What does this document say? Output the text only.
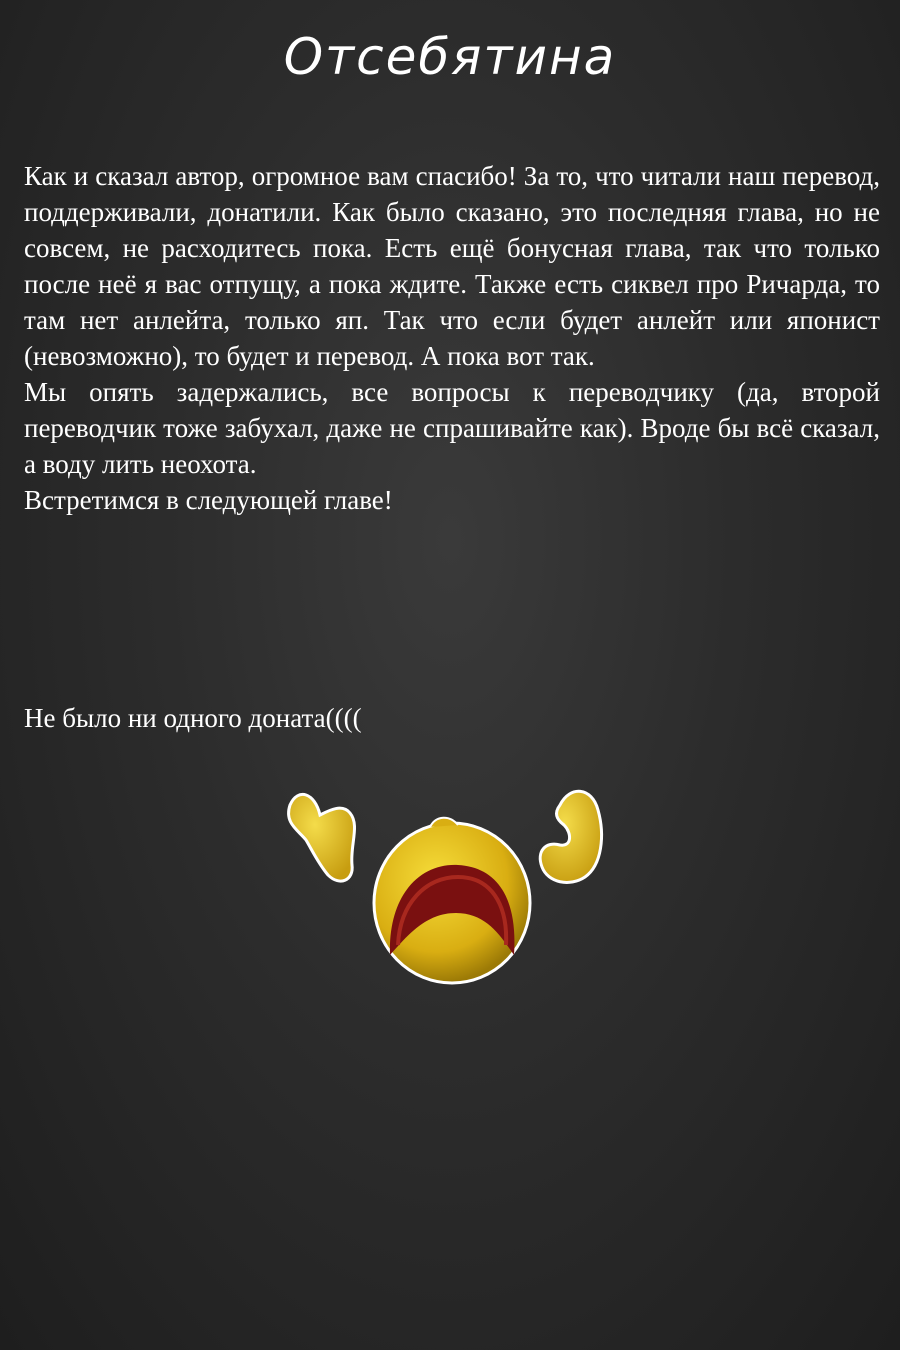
Отсебятина

Как и сказал автор, огромное вам спасибо! За то, что читали наш перевод, поддерживали, донатили. Как было сказано, это последняя глава, но не совсем, не расходитесь пока. Есть ещё бонусная глава, так что только после неё я вас отпущу, а пока ждите. Также есть сиквел про Ричарда, то там нет анлейта, только яп. Так что если будет анлейт или японист (невозможно), то будет и перевод. А пока вот так.

Мы опять задержались, все вопросы к переводчику (да, второй переводчик тоже забухал, даже не спрашивайте как). Вроде бы всё сказал, а воду лить неохота.

Встретимся в следующей главе!

Не было ни одного доната((((
